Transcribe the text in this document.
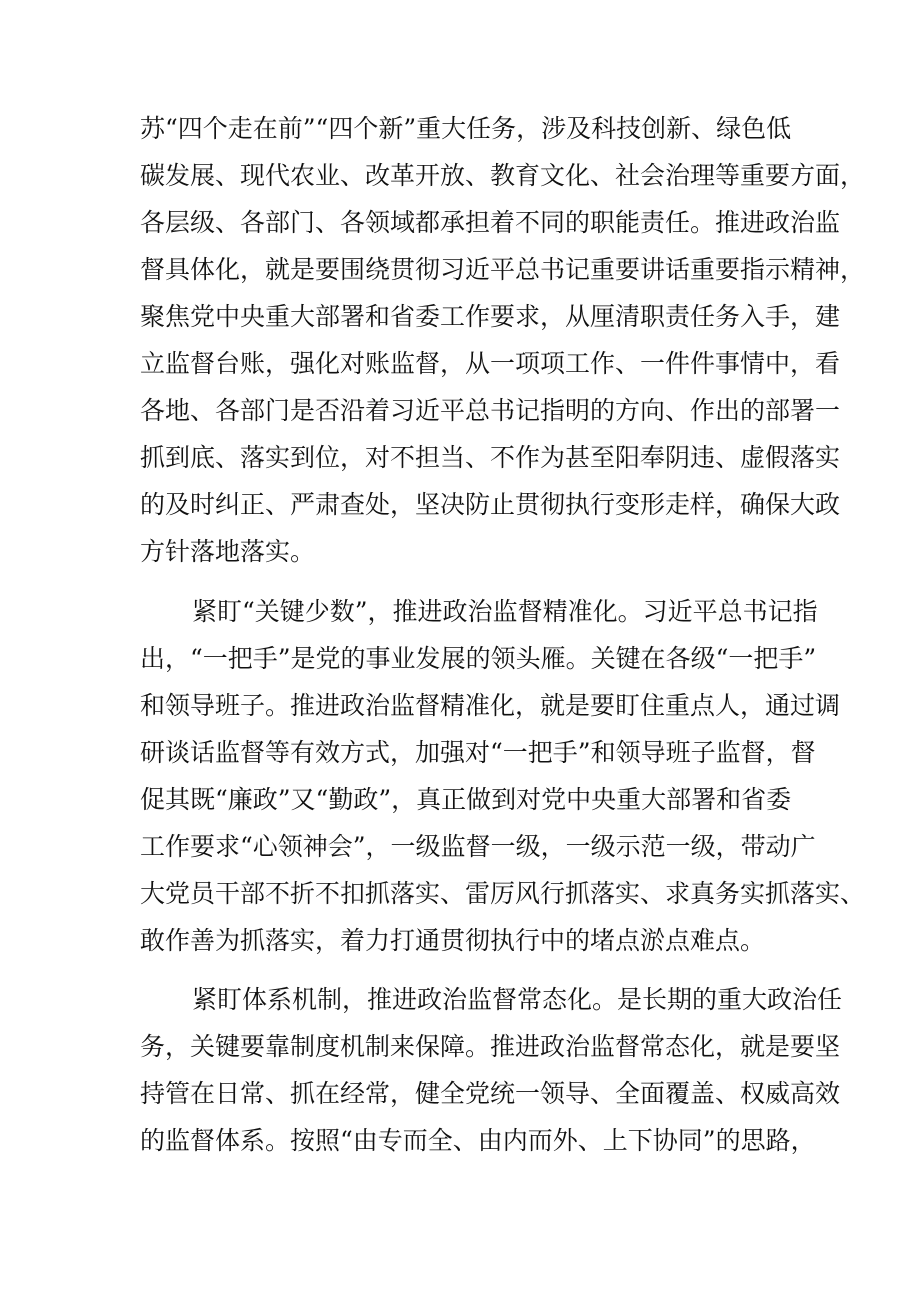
苏“四个走在前”“四个新”重大任务，涉及科技创新、绿色低
碳发展、现代农业、改革开放、教育文化、社会治理等重要方面，
各层级、各部门、各领域都承担着不同的职能责任。推进政治监
督具体化，就是要围绕贯彻习近平总书记重要讲话重要指示精神，
聚焦党中央重大部署和省委工作要求，从厘清职责任务入手，建
立监督台账，强化对账监督，从一项项工作、一件件事情中，看
各地、各部门是否沿着习近平总书记指明的方向、作出的部署一
抓到底、落实到位，对不担当、不作为甚至阳奉阴违、虚假落实
的及时纠正、严肃查处，坚决防止贯彻执行变形走样，确保大政
方针落地落实。
紧盯“关键少数”，推进政治监督精准化。习近平总书记指
出，“一把手”是党的事业发展的领头雁。关键在各级“一把手”
和领导班子。推进政治监督精准化，就是要盯住重点人，通过调
研谈话监督等有效方式，加强对“一把手”和领导班子监督，督
促其既“廉政”又“勤政”，真正做到对党中央重大部署和省委
工作要求“心领神会”，一级监督一级，一级示范一级，带动广
大党员干部不折不扣抓落实、雷厉风行抓落实、求真务实抓落实、
敢作善为抓落实，着力打通贯彻执行中的堵点淤点难点。
紧盯体系机制，推进政治监督常态化。是长期的重大政治任
务，关键要靠制度机制来保障。推进政治监督常态化，就是要坚
持管在日常、抓在经常，健全党统一领导、全面覆盖、权威高效
的监督体系。按照“由专而全、由内而外、上下协同”的思路，
